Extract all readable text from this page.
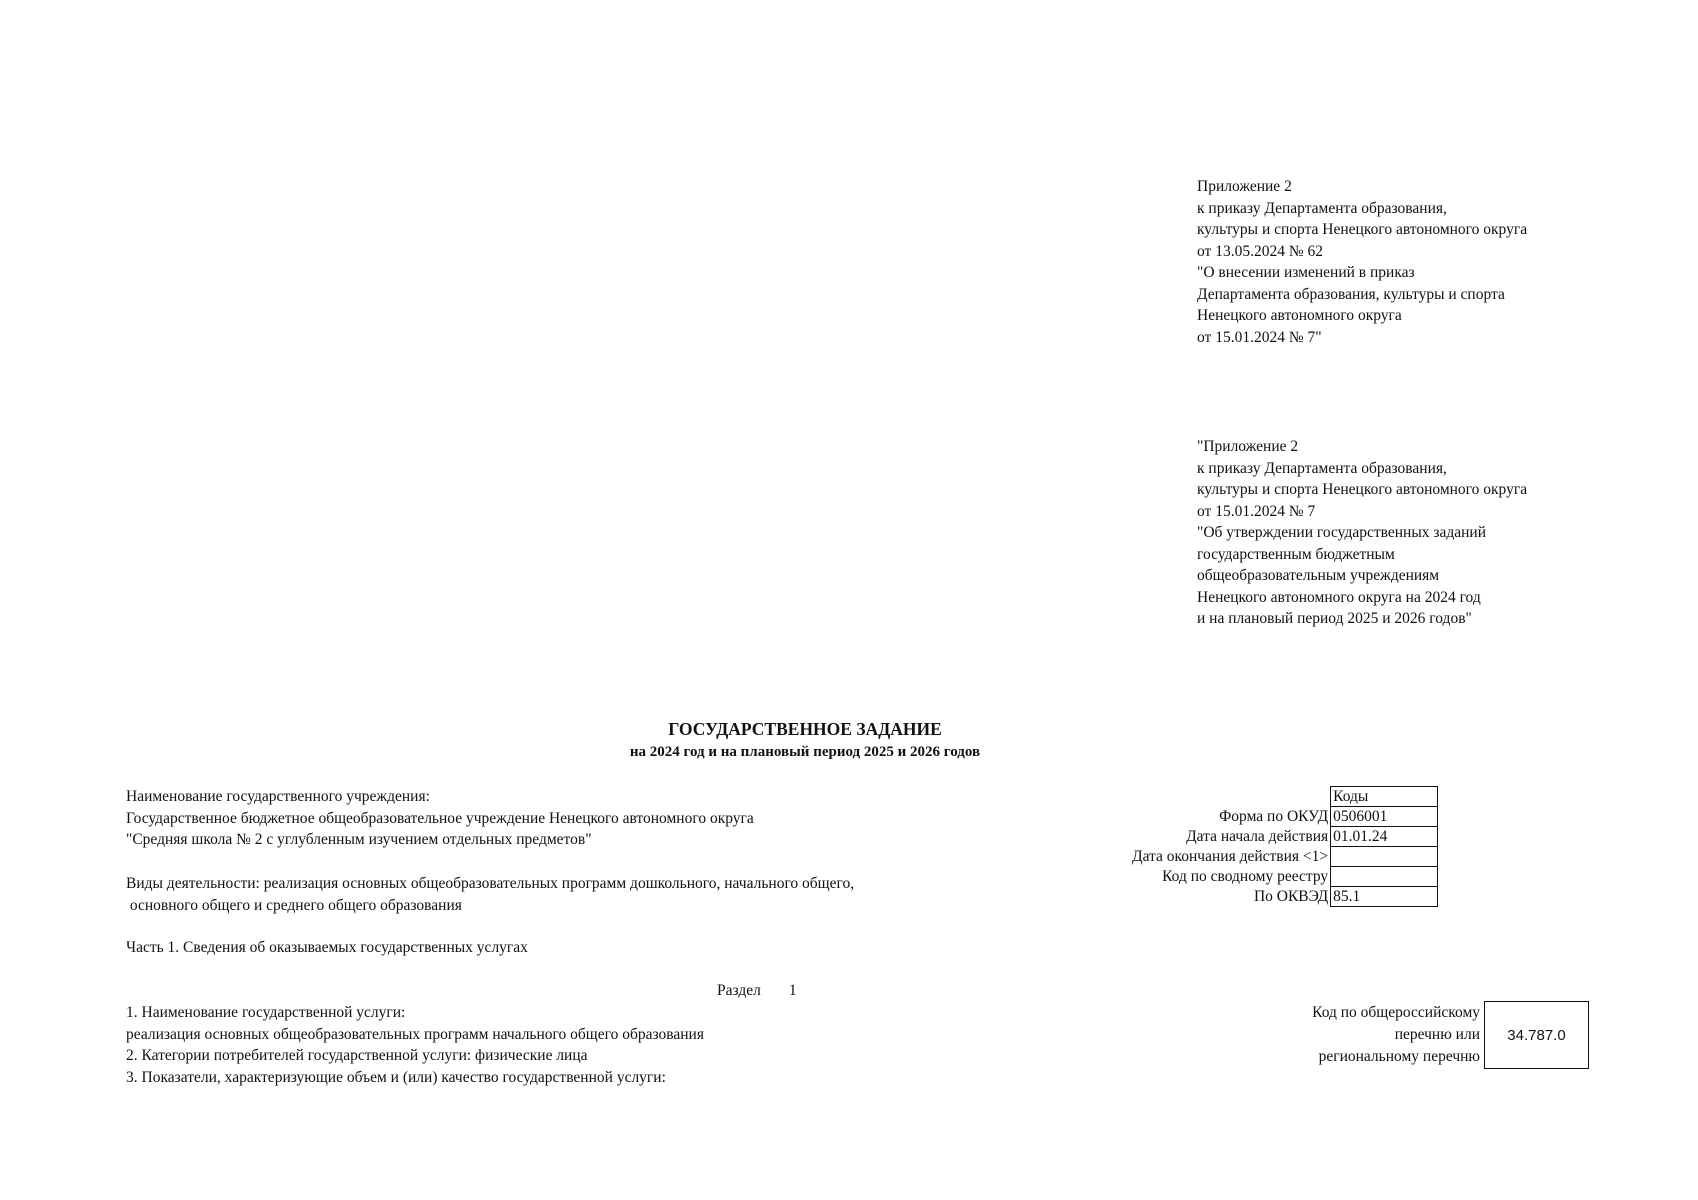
Приложение 2
к приказу Департамента образования,
культуры и спорта Ненецкого автономного округа
от 13.05.2024 № 62
"О внесении изменений в приказ
Департамента образования, культуры и спорта
Ненецкого автономного округа
от 15.01.2024 № 7"
"Приложение 2
к приказу Департамента образования,
культуры и спорта Ненецкого автономного округа
от 15.01.2024 № 7
"Об утверждении государственных заданий
государственным бюджетным
общеобразовательным учреждениям
Ненецкого автономного округа на 2024 год
и на плановый период 2025 и 2026 годов"
ГОСУДАРСТВЕННОЕ ЗАДАНИЕ
на 2024 год и на плановый период 2025 и 2026 годов
Наименование государственного учреждения:
Государственное бюджетное общеобразовательное учреждение Ненецкого автономного округа
"Средняя школа № 2 с углубленным изучением отдельных предметов"
Виды деятельности: реализация основных общеобразовательных программ дошкольного, начального общего,
основного общего и среднего общего образования
Часть 1. Сведения об оказываемых государственных услугах
Раздел 1
1. Наименование государственной услуги:
реализация основных общеобразовательных программ начального общего образования
2. Категории потребителей государственной услуги: физические лица
3. Показатели, характеризующие объем и (или) качество государственной услуги:
	Коды
Форма по ОКУД	0506001
Дата начала действия	01.01.24
Дата окончания действия <1>	
Код по сводному реестру	
По ОКВЭД	85.1
Код по общероссийскому
перечню или
региональному перечню
34.787.0
